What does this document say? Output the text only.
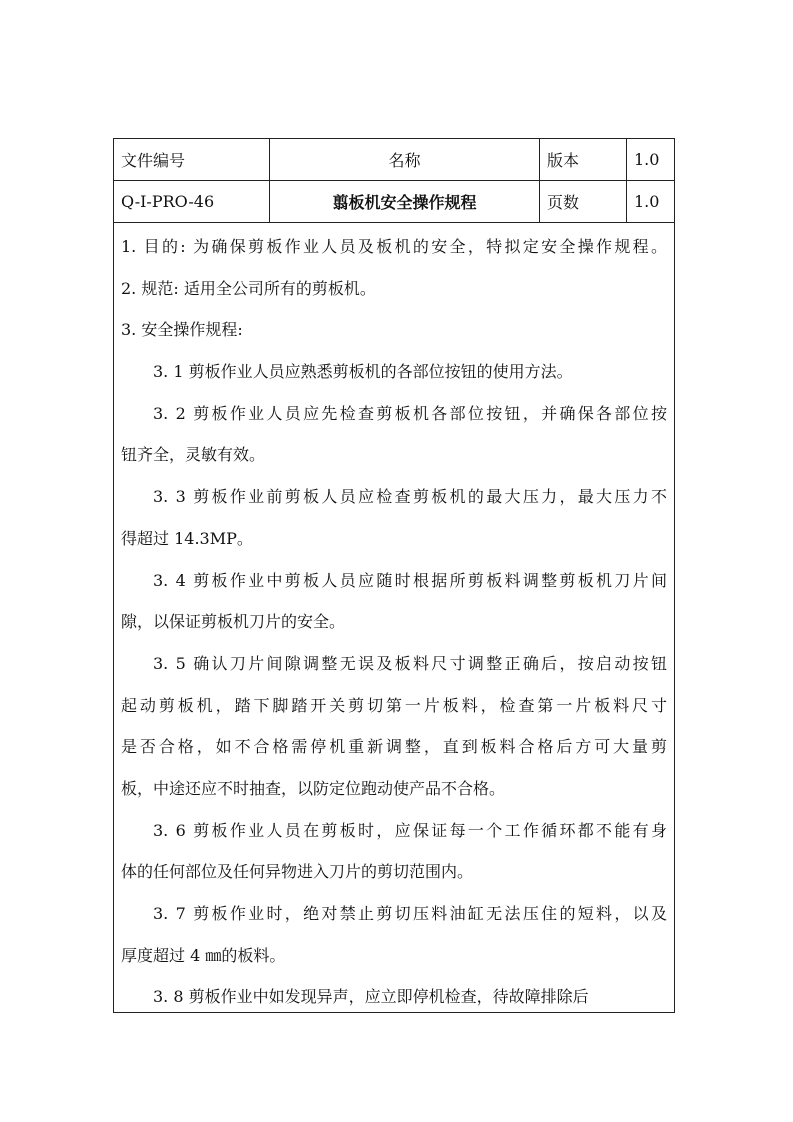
文件编号	名称	版本	1.0
Q-I-PRO-46	翦板机安全操作规程	页数	1.0
1. 目的: 为确保剪板作业人员及板机的安全，特拟定安全操作规程。
2. 规范: 适用全公司所有的剪板机。
3. 安全操作规程:
3. 1 剪板作业人员应熟悉剪板机的各部位按钮的使用方法。
3. 2 剪板作业人员应先检查剪板机各部位按钮，并确保各部位按
钮齐全，灵敏有效。
3. 3 剪板作业前剪板人员应检查剪板机的最大压力，最大压力不
得超过 14.3MP。
3. 4 剪板作业中剪板人员应随时根据所剪板料调整剪板机刀片间
隙，以保证剪板机刀片的安全。
3. 5 确认刀片间隙调整无误及板料尺寸调整正确后，按启动按钮
起动剪板机，踏下脚踏开关剪切第一片板料，检查第一片板料尺寸
是否合格，如不合格需停机重新调整，直到板料合格后方可大量剪
板，中途还应不时抽查，以防定位跑动使产品不合格。
3. 6 剪板作业人员在剪板时，应保证每一个工作循环都不能有身
体的任何部位及任何异物进入刀片的剪切范围内。
3. 7 剪板作业时，绝对禁止剪切压料油缸无法压住的短料，以及
厚度超过 4 ㎜的板料。
3. 8 剪板作业中如发现异声，应立即停机检查，待故障排除后
